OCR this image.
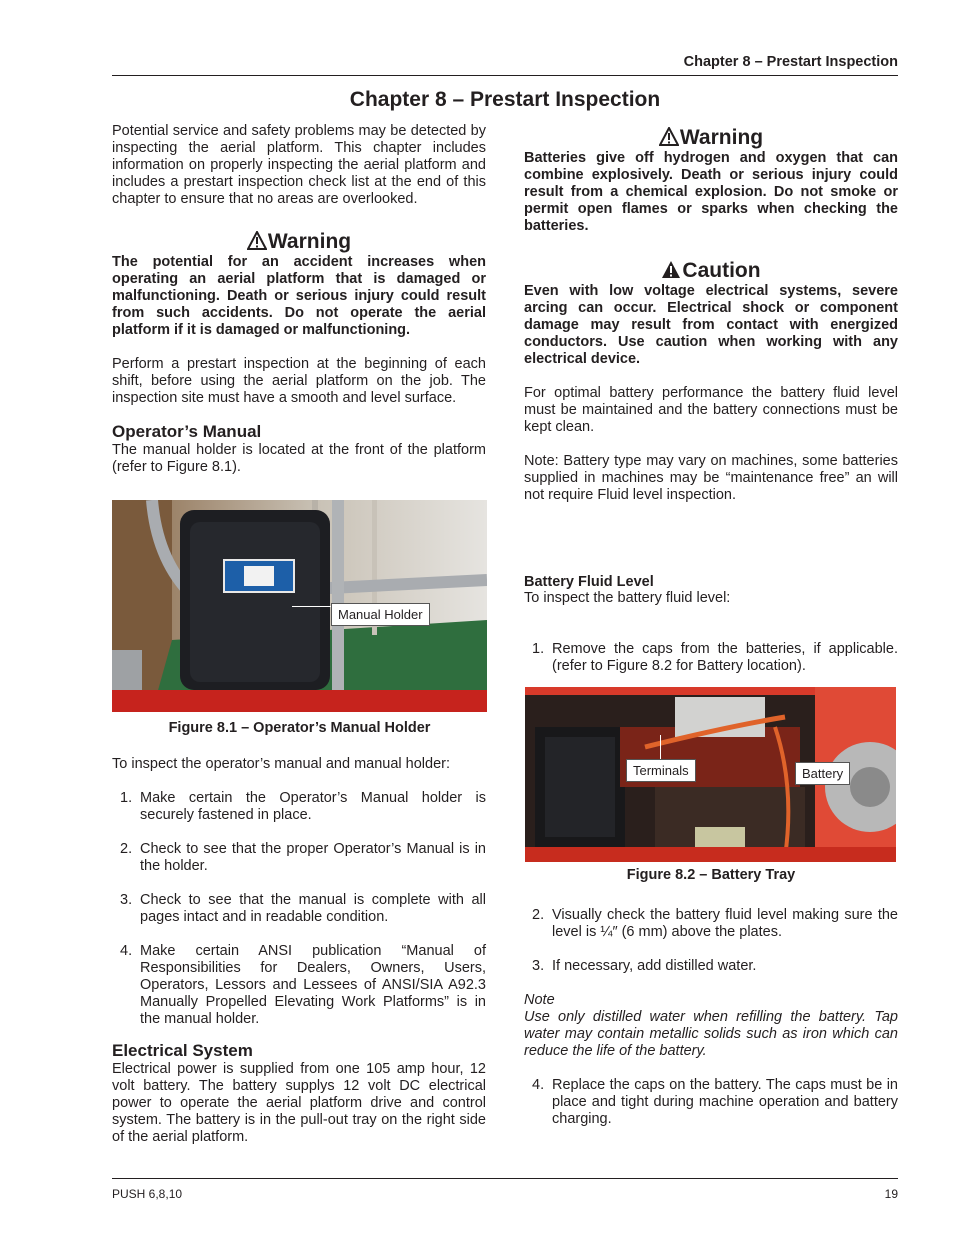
Chapter 8 – Prestart Inspection
Chapter 8 – Prestart Inspection

Potential service and safety problems may be detected by inspecting the aerial platform. This chapter includes information on properly inspecting the aerial platform and includes a prestart inspection check list at the end of this chapter to ensure that no areas are overlooked.

Warning

The potential for an accident increases when operating an aerial platform that is damaged or malfunctioning. Death or serious injury could result from such accidents. Do not operate the aerial platform if it is damaged or malfunctioning.

Perform a prestart inspection at the beginning of each shift, before using the aerial platform on the job. The inspection site must have a smooth and level surface.

Operator’s Manual

The manual holder is located at the front of the platform (refer to Figure 8.1).

Manual Holder
Figure 8.1 – Operator’s Manual Holder

To inspect the operator’s manual and manual holder:

1. Make certain the Operator’s Manual holder is securely fastened in place.
2. Check to see that the proper Operator’s Manual is in the holder.
3. Check to see that the manual is complete with all pages intact and in readable condition.
4. Make certain ANSI publication “Manual of Responsibilities for Dealers, Owners, Users, Operators, Lessors and Lessees of ANSI/SIA A92.3 Manually Propelled Elevating Work Platforms” is in the manual holder.
Electrical System

Electrical power is supplied from one 105 amp hour, 12 volt battery. The battery supplys 12 volt DC electrical power to operate the aerial platform drive and control system. The battery is in the pull-out tray on the right side of the aerial platform.

Warning

Batteries give off hydrogen and oxygen that can combine explosively. Death or serious injury could result from a chemical explosion. Do not smoke or permit open flames or sparks when checking the batteries.

Caution

Even with low voltage electrical systems, severe arcing can occur. Electrical shock or component damage may result from contact with energized conductors. Use caution when working with any electrical device.

For optimal battery performance the battery fluid level must be maintained and the battery connections must be kept clean.

Note: Battery type may vary on machines, some batteries supplied in machines may be “maintenance free” an will not require Fluid level inspection.

Battery Fluid Level

To inspect the battery fluid level:

1. Remove the caps from the batteries, if applicable. (refer to Figure 8.2 for Battery location).
Terminals	Battery
Figure 8.2 – Battery Tray
2. Visually check the battery fluid level making sure the level is ¼″ (6 mm) above the plates.
3. If necessary, add distilled water.

Note

Use only distilled water when refilling the battery. Tap water may contain metallic solids such as iron which can reduce the life of the battery.

4. Replace the caps on the battery. The caps must be in place and tight during machine operation and battery charging.
PUSH 6,8,10	19
